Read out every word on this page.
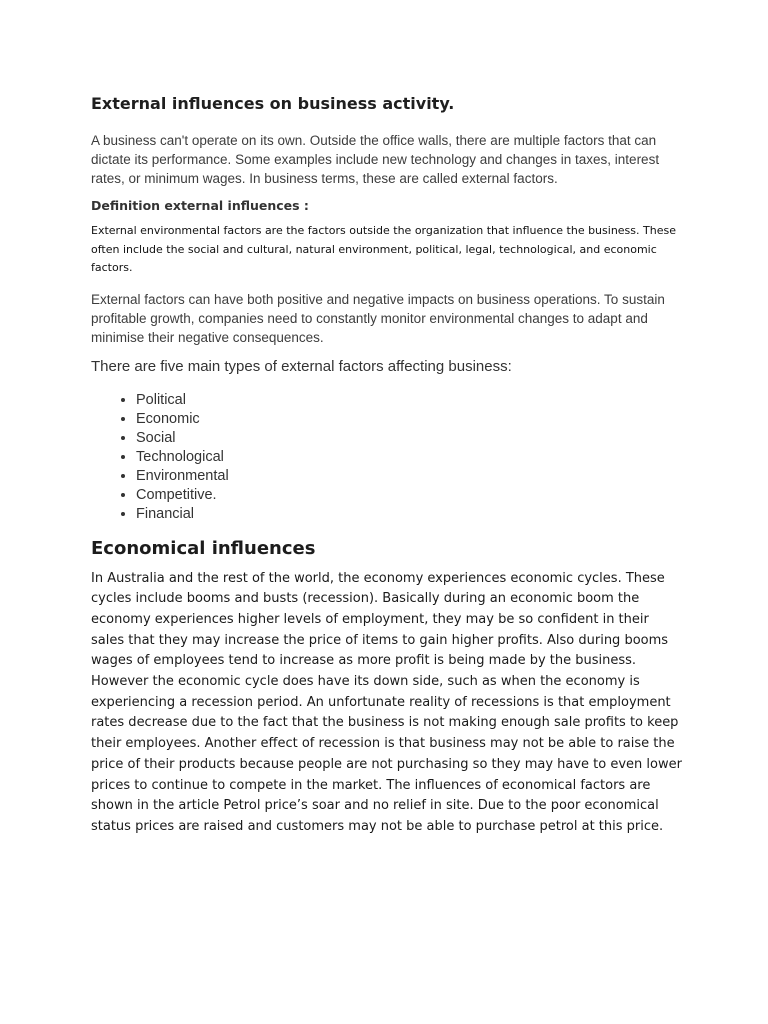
External influences on business activity.

A business can't operate on its own. Outside the office walls, there are multiple factors that can dictate its performance. Some examples include new technology and changes in taxes, interest rates, or minimum wages. In business terms, these are called external factors.

Definition external influences :

External environmental factors are the factors outside the organization that influence the business. These often include the social and cultural, natural environment, political, legal, technological, and economic factors.

External factors can have both positive and negative impacts on business operations. To sustain profitable growth, companies need to constantly monitor environmental changes to adapt and minimise their negative consequences.

There are five main types of external factors affecting business:

• Political
• Economic
• Social
• Technological
• Environmental
• Competitive.
• Financial
Economical influences

In Australia and the rest of the world, the economy experiences economic cycles. These cycles include booms and busts (recession). Basically during an economic boom the economy experiences higher levels of employment, they may be so confident in their sales that they may increase the price of items to gain higher profits. Also during booms wages of employees tend to increase as more profit is being made by the business. However the economic cycle does have its down side, such as when the economy is experiencing a recession period. An unfortunate reality of recessions is that employment rates decrease due to the fact that the business is not making enough sale profits to keep their employees. Another effect of recession is that business may not be able to raise the price of their products because people are not purchasing so they may have to even lower prices to continue to compete in the market. The influences of economical factors are shown in the article Petrol price’s soar and no relief in site. Due to the poor economical status prices are raised and customers may not be able to purchase petrol at this price.
